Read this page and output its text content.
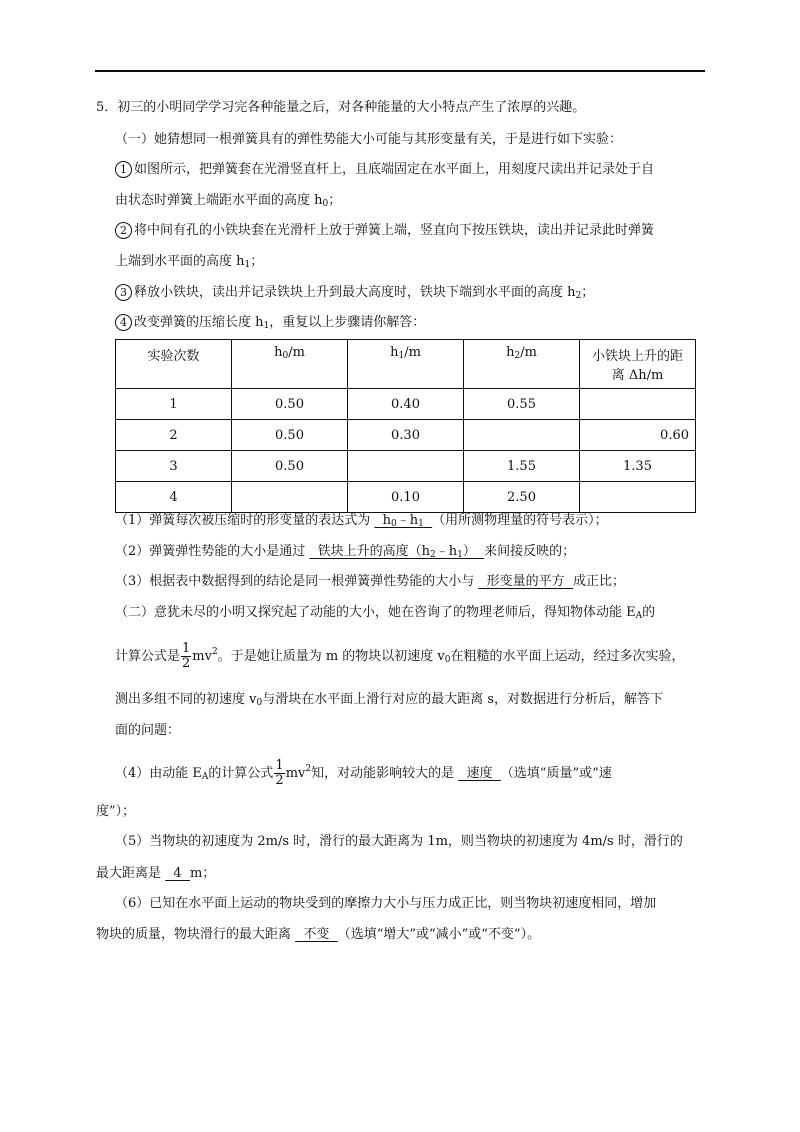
5．初三的小明同学学习完各种能量之后，对各种能量的大小特点产生了浓厚的兴趣。
（一）她猜想同一根弹簧具有的弹性势能大小可能与其形变量有关，于是进行如下实验：
1 如图所示，把弹簧套在光滑竖直杆上，且底端固定在水平面上，用刻度尺读出并记录处于自
由状态时弹簧上端距水平面的高度 $h_0$；
2 将中间有孔的小铁块套在光滑杆上放于弹簧上端，竖直向下按压铁块，读出并记录此时弹簧
上端到水平面的高度 $h_1$；
3 释放小铁块，读出并记录铁块上升到最大高度时，铁块下端到水平面的高度 $h_2$；
4 改变弹簧的压缩长度 $h_1$，重复以上步骤请你解答：
实验次数	$h_0/m$	$h_1/m$	$h_2/m$	小铁块上升的距
离 Δh/m
1	0.50	0.40	0.55	
2	0.50	0.30		0.60
3	0.50		1.55	1.35
4		0.10	2.50	
（1）弹簧每次被压缩时的形变量的表达式为   $h_0﹣h_1$ （用所测物理量的符号表示）；
（2）弹簧弹性势能的大小是通过   铁块上升的高度$(h_2﹣h_1)$  来间接反映的；
（3）根据表中数据得到的结论是同一根弹簧弹性势能的大小与   形变量的平方 成正比；
（二）意犹未尽的小明又探究起了动能的大小，她在咨询了的物理老师后，得知物体动能 $E_A$的
计算公式是 $\frac{1}{2} mv^2$。于是她让质量为 m 的物块以初速度 $v_0$在粗糙的水平面上运动，经过多次实验，
测出多组不同的初速度 $v_0$与滑块在水平面上滑行对应的最大距离 s，对数据进行分析后，解答下
面的问题：
（4）由动能 $E_A$的计算公式 $\frac{1}{2} mv^2$知，对动能影响较大的是   速度 （选填“质量”或“速
度”）；
（5）当物块的初速度为 2m/s 时，滑行的最大距离为 1m，则当物块的初速度为 4m/s 时，滑行的
最大距离是   4 m；
（6）已知在水平面上运动的物块受到的摩擦力大小与压力成正比，则当物块初速度相同，增加
物块的质量，物块滑行的最大距离   不变 （选填“增大”或“减小”或“不变”）。
